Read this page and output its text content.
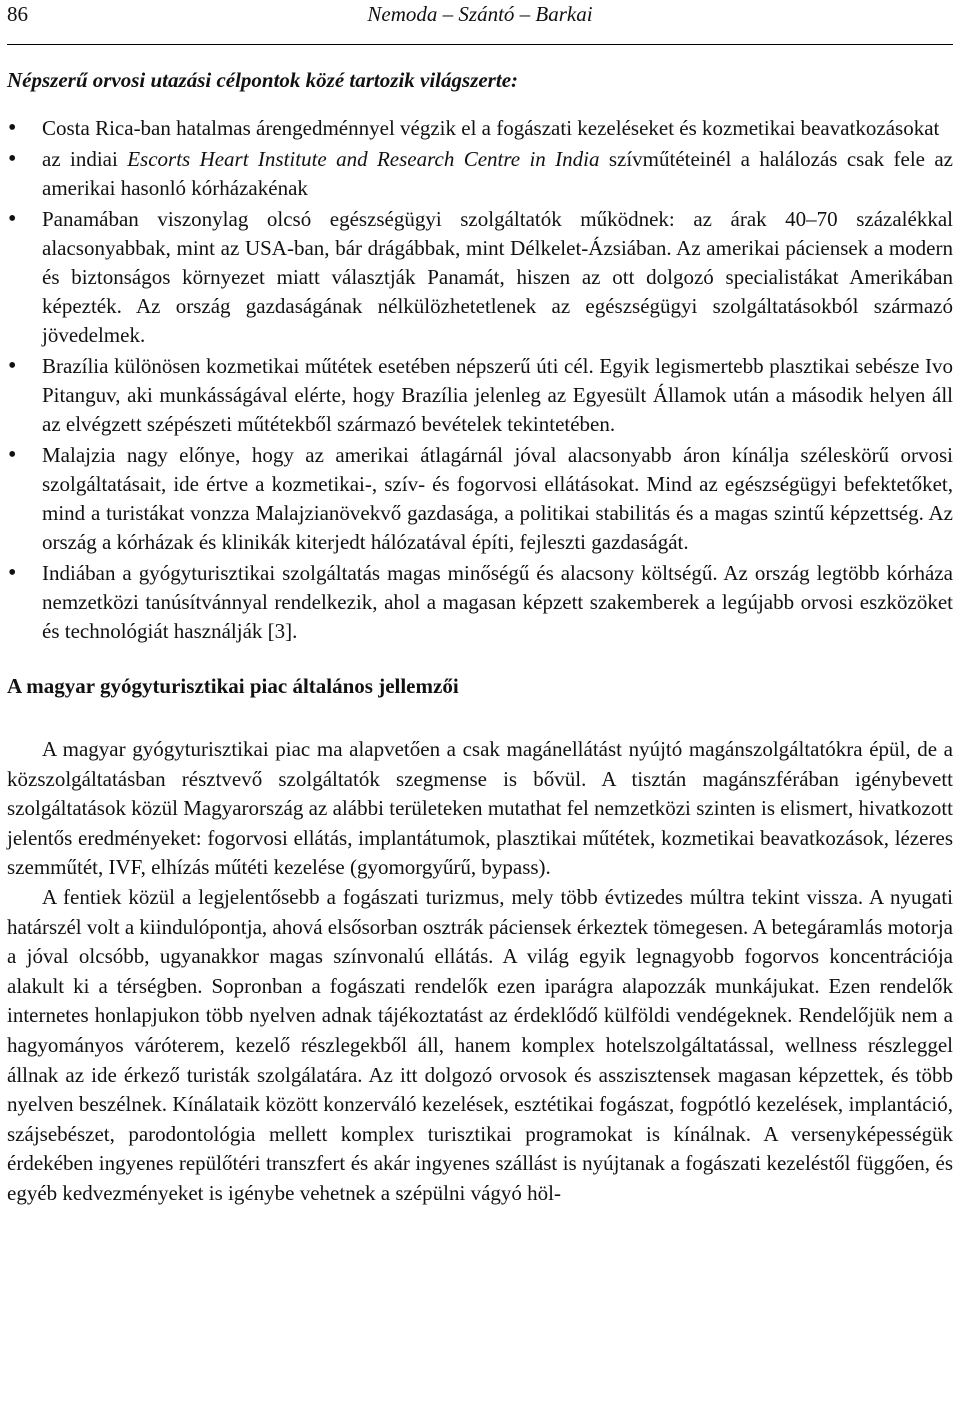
86	Nemoda – Szántó – Barkai
Népszerű orvosi utazási célpontok közé tartozik világszerte:
• Costa Rica-ban hatalmas árengedménnyel végzik el a fogászati kezeléseket és kozmetikai beavatkozásokat
• az indiai Escorts Heart Institute and Research Centre in India szívműtéteinél a halálozás csak fele az amerikai hasonló kórházakénak
• Panamában viszonylag olcsó egészségügyi szolgáltatók működnek: az árak 40–70 százalékkal alacsonyabbak, mint az USA-ban, bár drágábbak, mint Délkelet-Ázsiában. Az amerikai páciensek a modern és biztonságos környezet miatt választják Panamát, hiszen az ott dolgozó specialistákat Amerikában képezték. Az ország gazdaságának nélkülözhetetlenek az egészségügyi szolgáltatásokból származó jövedelmek.
• Brazília különösen kozmetikai műtétek esetében népszerű úti cél. Egyik legismertebb plasztikai sebésze Ivo Pitanguv, aki munkásságával elérte, hogy Brazília jelenleg az Egyesült Államok után a második helyen áll az elvégzett szépészeti műtétekből származó bevételek tekintetében.
• Malajzia nagy előnye, hogy az amerikai átlagárnál jóval alacsonyabb áron kínálja széleskörű orvosi szolgáltatásait, ide értve a kozmetikai-, szív- és fogorvosi ellátásokat. Mind az egészségügyi befektetőket, mind a turistákat vonzza Malajzianövekvő gazdasága, a politikai stabilitás és a magas szintű képzettség. Az ország a kórházak és klinikák kiterjedt hálózatával építi, fejleszti gazdaságát.
• Indiában a gyógyturisztikai szolgáltatás magas minőségű és alacsony költségű. Az ország legtöbb kórháza nemzetközi tanúsítvánnyal rendelkezik, ahol a magasan képzett szakemberek a legújabb orvosi eszközöket és technológiát használják [3].
A magyar gyógyturisztikai piac általános jellemzői

A magyar gyógyturisztikai piac ma alapvetően a csak magánellátást nyújtó magánszolgáltatókra épül, de a közszolgáltatásban résztvevő szolgáltatók szegmense is bővül. A tisztán magánszférában igénybevett szolgáltatások közül Magyarország az alábbi területeken mutathat fel nemzetközi szinten is elismert, hivatkozott jelentős eredményeket: fogorvosi ellátás, implantátumok, plasztikai műtétek, kozmetikai beavatkozások, lézeres szemműtét, IVF, elhízás műtéti kezelése (gyomorgyűrű, bypass).

A fentiek közül a legjelentősebb a fogászati turizmus, mely több évtizedes múltra tekint vissza. A nyugati határszél volt a kiindulópontja, ahová elsősorban osztrák páciensek érkeztek tömegesen. A betegáramlás motorja a jóval olcsóbb, ugyanakkor magas színvonalú ellátás. A világ egyik legnagyobb fogorvos koncentrációja alakult ki a térségben. Sopronban a fogászati rendelők ezen iparágra alapozzák munkájukat. Ezen rendelők internetes honlapjukon több nyelven adnak tájékoztatást az érdeklődő külföldi vendégeknek. Rendelőjük nem a hagyományos váróterem, kezelő részlegekből áll, hanem komplex hotelszolgáltatással, wellness részleggel állnak az ide érkező turisták szolgálatára. Az itt dolgozó orvosok és asszisztensek magasan képzettek, és több nyelven beszélnek. Kínálataik között konzerváló kezelések, esztétikai fogászat, fogpótló kezelések, implantáció, szájsebészet, parodontológia mellett komplex turisztikai programokat is kínálnak. A versenyképességük érdekében ingyenes repülőtéri transzfert és akár ingyenes szállást is nyújtanak a fogászati kezeléstől függően, és egyéb kedvezményeket is igénybe vehetnek a szépülni vágyó höl-
